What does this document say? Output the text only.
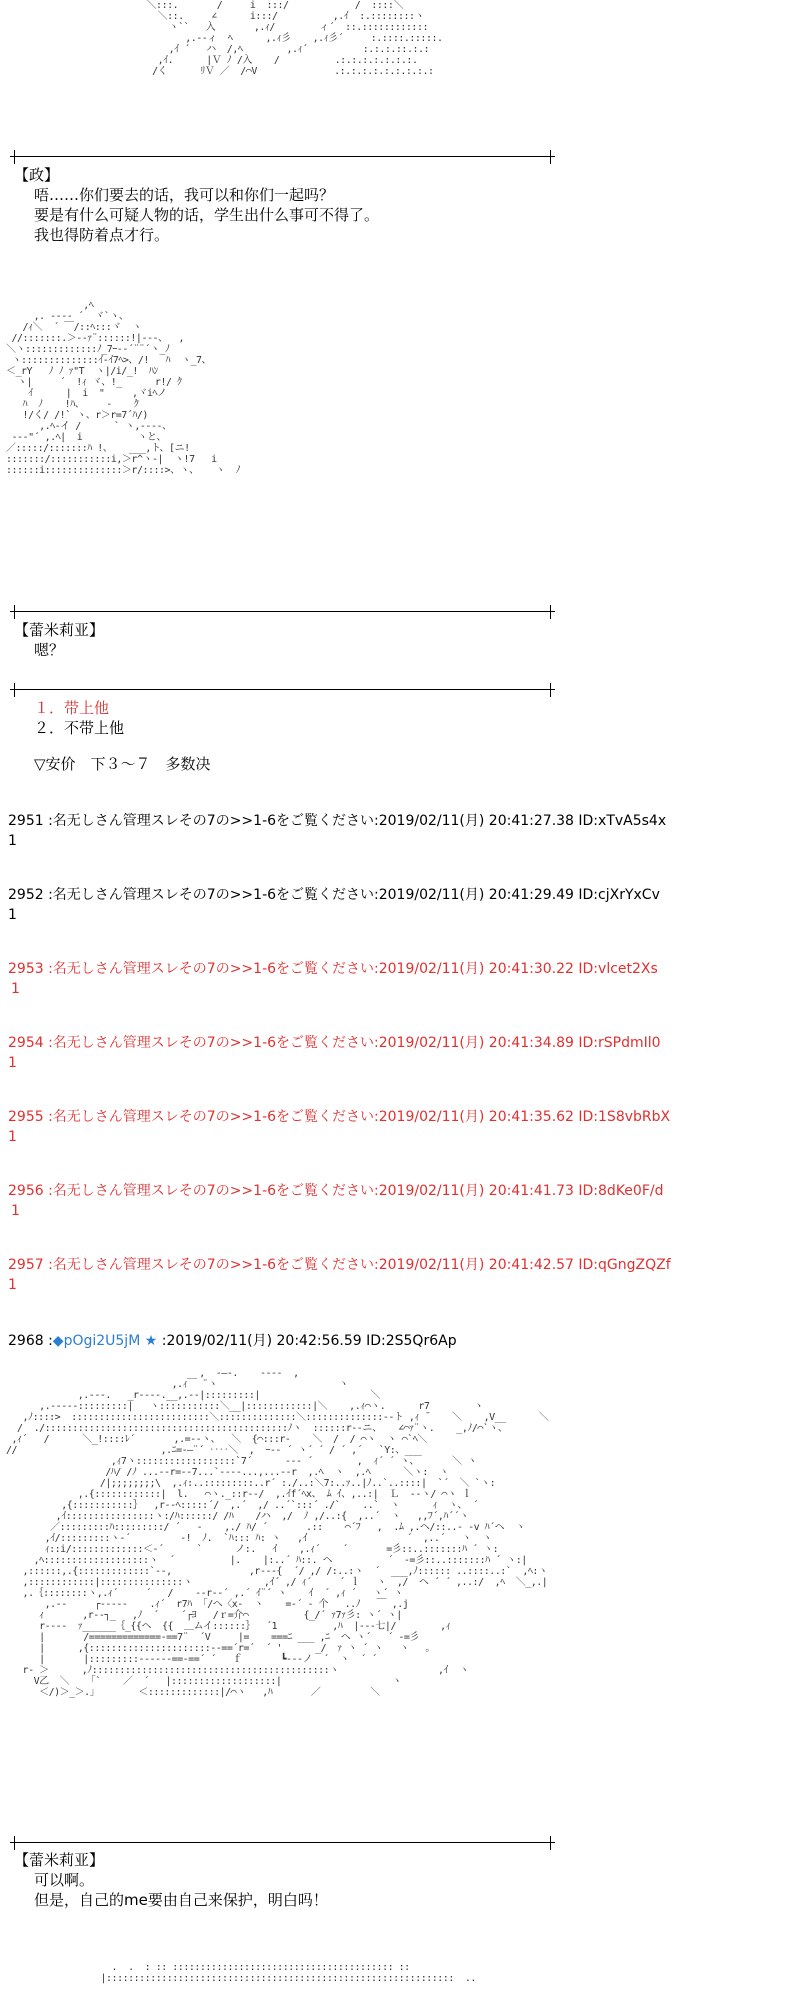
＼:::.       /     i  :::/            /  ::::＼
＼::.     ∠      i:::/          ,.ｲ  :.::::::::ヽ
ヽ``   入       ,.ｨ/        ィ´  ::.::::::::::::
,.-‐ィ  ﾍ      ,.ｨ彡    ,.ｨ彡´     :.::::.:::::.
,ｲ ´   ハ  /,ﾍ        ,.ｨ´          :.:.:.::.:.:
,ｲ.      |Ｖ ﾉ /入    /          .:.:.:.:.:.:.:.
/く      ﾘＶ ／  /⌒V              .:.:.:.:.:.:.:.:.:
【政】
唔……你们要去的话，我可以和你们一起吗？
要是有什么可疑人物的话，学生出什么事可不得了。
我也得防着点才行。
,ﾍ
,. -‐-‐ ´  ヾ`ヽ、
/ｨ＼  ´ ￣/::ﾍ:::ヾ  ヽ
//:::::::.＞-‐ｧ¨::::::!|-‐-、  ,
＼ヽ:::::::::::::ﾉ_7ｰ-‐´¨¨´ヽ_ﾉ
ヽ::::::::::::::ｲ-ｲ7ﾍ>、/!   ﾊ  ヽ_7、
＜_rY   ﾉ ﾉ ｧ"T  ヽ|/i/_!  ﾊﾝ
ヽ|     ´  !ｨ ヾ、!_      r!/ ｸ
ｲ      |  i  "     ,ヾiﾍノ
ﾊ  ﾉ    !ﾊ、    ‐    ｸ
!/く/ /!` ヽ、r＞r=7´ﾊ/)
,.ﾍ-イ /      ` ヽ,-‐--、
--‐"´ ,.ﾍ|  i          ヽと、
／:::::/:::::::ﾊ !、   ___,ト、[ニ!
:::::::/:::::::::::i,＞r^ヽ-|  ヽ!7   i
::::::i::::::::::::::＞r/::::>、ヽ、   ヽ  ﾉ
【蕾米莉亚】
嗯？
１．带上他
２．不带上他
▽安价　下３～７　多数决
2951 :名无しさん管理スレその7の>>1-6をご覧ください:2019/02/11(月) 20:41:27.38 ID:xTvA5s4x
1
2952 :名无しさん管理スレその7の>>1-6をご覧ください:2019/02/11(月) 20:41:29.49 ID:cjXrYxCv
1
2953 :名无しさん管理スレその7の>>1-6をご覧ください:2019/02/11(月) 20:41:30.22 ID:vlcet2Xs
1
2954 :名无しさん管理スレその7の>>1-6をご覧ください:2019/02/11(月) 20:41:34.89 ID:rSPdmIl0
1
2955 :名无しさん管理スレその7の>>1-6をご覧ください:2019/02/11(月) 20:41:35.62 ID:1S8vbRbX
1
2956 :名无しさん管理スレその7の>>1-6をご覧ください:2019/02/11(月) 20:41:41.73 ID:8dKe0F/d
1
2957 :名无しさん管理スレその7の>>1-6をご覧ください:2019/02/11(月) 20:41:42.57 ID:qGngZQZf
1
2968 :◆pOgi2U5jM ★ :2019/02/11(月) 20:42:56.59 ID:2S5Qr6Ap
,  ‐―-.    ‐--‐  ,
,.ｨ￣ ¨ヽ                      ヽ
,.-‐-.   _r‐‐‐-.__,.-‐|:::::::::|                    ＼
,.-‐‐‐‐:::::::::|   ヽ:::::::::::＼__|::::::::::::|＼    ,.ｨ⌒ヽ.      r7        ヽ
,ﾉ::::>  :::::::::::::::::::::::::＼::::::::::::::＼::::::::::::::-‐ト ,ｨ ̄     ＼    ,V__      ＼
/  ./::::::::::::::::::::::::::::::::::::::::::::ﾉヽ  ::::::r-‐ニ、   ∠⌒ｧ¨ヽ.    _,ﾉ/⌒`ヽ、
,ｨ´   /      ＼_!::::ﾚ´       ,.=-‐ヽ、  ＼  {⌒:::r‐    ＼  /  / ⌒ヽ  ヽ ⌒`ﾍ＼
//                          ,.ﾆ=-―¨´ ‥‥＼  ,  ｰ-‐ ´ ヽ´ ´ / ´ ,´   `Y:、___
,ｨ7ヽ::::::::::::::::::`7´      ‐-‐ ´        ,  ｨ´ ´ ヽ、      ＼ ヽ
/ﾊ/ /ﾉ ...‐-r=-‐7...`‐‐--...,...‐-r  ,.ﾍ  ヽ  ,.ﾍ      ＼ヽ:  ヽ
/|;;;;;;;;\  ,.ｨ:..:::::::::..r´ :./..:＼7:..ｧ..|ﾉ..`..::::|  `´  ＼ `ヽ:
,.{::::::::::::|  l.   ⌒ヽ._::r-‐/  ,.ｲf´ﾍx、 ﾑ ｲ、,..:|  Ｌ  ‐‐ヽ/ ⌒ヽ ｌ
,{:::::::::::｝  ,r-‐ﾍ:::::´/  ,.´  ,/ ..´`:::´ ./`    ..`  ヽ      ｨ  ヽ、 ´
,ｲ::::::::::::::::ヽ:/ﾊ::::::/ /ﾊ    /ハ  ,/  ﾉ ,/..:{  ,..´  ヽ   ,,ﾌ´,ﾊ´´ヽ
／:::::::::ﾊ:::::::::/ ´   ‐    ,./ ﾊ/ ´       .::    ⌒´ﾌ   ,  .ﾑ ,.ヘ/::..‐ -v ﾊ´ヘ  ヽ
,ｲ/:::::::::ヽ‐´         -!  ﾉ.  `ﾊ::: ﾊ: ヽ   ,ｲ                  ´  ,..´   ヽ  ヽ
ｨ::i/:::::::::::::＜‐´      `      ノ:.   ｲ    ,.ｨ´    ´       =彡::..:::::::ﾊ ´ ヽ:
,ﾍ:::::::::::::::::::ヽ  ´          |.    |:..´ ﾊ::. ヘ          ´  -=彡::..:::::::ﾊ ´ ヽ:|
,::::::,.{:::::::::::::`‐-,              ,r‐‐-{  ´/ ,/ /:..:ヽ  ´  ___,ﾉ:::::: ..::::..:`  ,ﾍ:ヽ
,::::::::::::|:::::::::::::::ヽ             ,ｲ´ ,/ ｨ´     ´ ｌ   ヽ  ,/  ヘ ´ ´ ,..:/  ,ﾍ  ＼_,.|
,.｛::::::::ヽ,.ｨ´     ´   /    ‐-r-‐´ ,.´ ｲ¨´ ヽ    ｲ  ´ ,ｨ ´   ヽ´ ヽ
,.-‐     ┌‐-‐‐-    .ｨ´  r7ﾊ  ｢/ヘ〈x‐  ヽ    =-´ ‐ 个   ..ﾉ   ￣ ,.j
ｨ       ,r‐‐┐_   ,ﾉ  ´    ´┌ﾖ   /ｒ=介⌒          {_/´ ｧ7ｧ彡: ヽ´ ヽ|
r‐‐‐‐  ｧ______｛_{{ヘ  {{  ＿ムイ::::::｝  ´1          ,ﾊ  |‐‐‐七|/        ,ｨ
|       /=============‐==7¨  ´V     |=    ===ﾆ ___ ,ﾆ  ヘ ヽ´   ´ ‐=彡
|      ,{::::::::::::::::::::::‐‐==´r=´  ´ '      _/  ｧ ヽ ´ ヽ   ヽ   ｡
|       |:::::::::‐‐‐‐‐‐==‐==´ ´   ｆ       ┗‐-‐ノ  ´  ヽ  ´ ´
r‐ ＞      ,ﾉ:::::::::::::::::::::::::::::::::::::::::::ヽ                  ,ｲ  ヽ
V乙  ＼   「`    ／  ´   |:::::::::::::::::::|                    ヽ
＜/)＞_＞.｣        ＜:::::::::::::|/⌒ヽ   ,ﾊ       ／         ＼
【蕾米莉亚】
可以啊。
但是，自己的me要由自己来保护，明白吗！
.  .  : :: :::::::::::::::::::::::::::::::::::::::: ::
|:::::::::::::::::::::::::::::::::::::::::::::::::::::::::::::::  ..
